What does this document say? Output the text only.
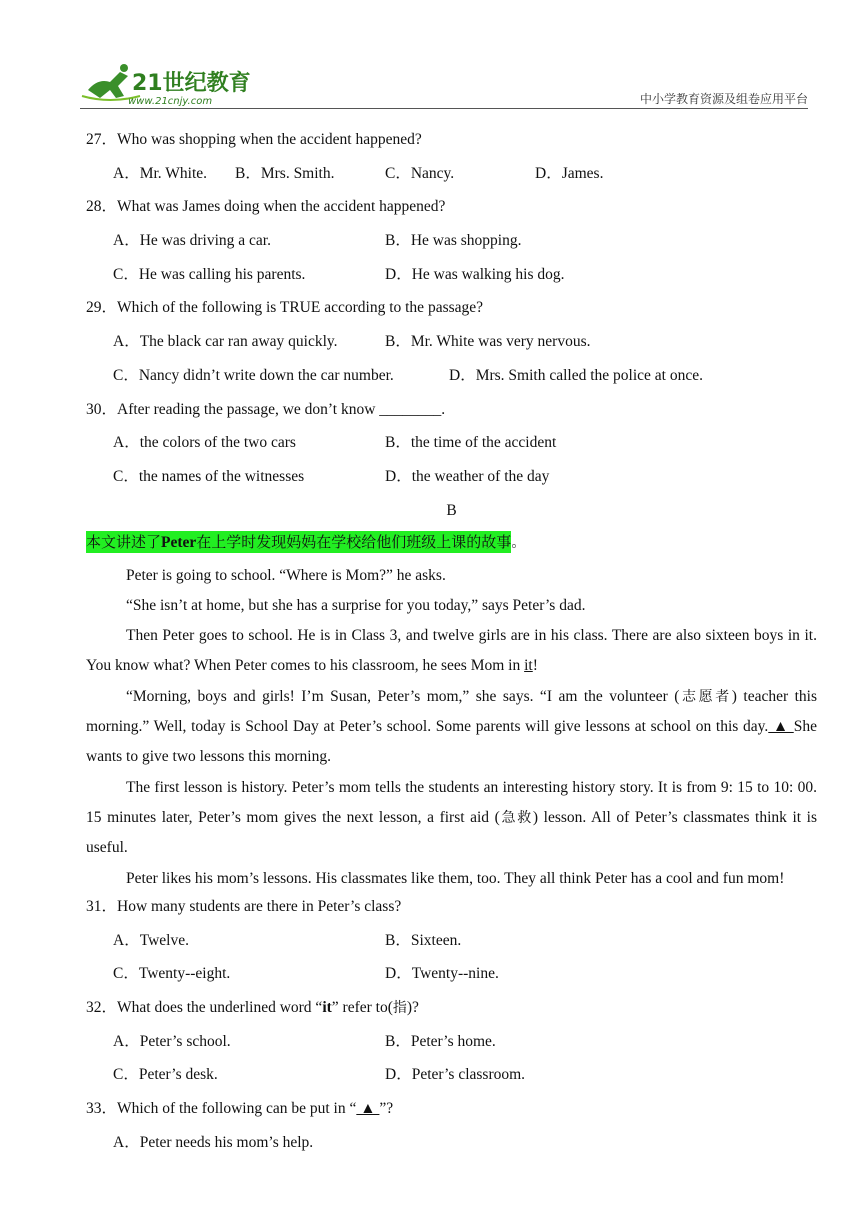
21世纪教育
www.21cnjy.com	中小学教育资源及组卷应用平台
27．Who was shopping when the accident happened?
A．Mr. White. B．Mrs. Smith.	C．Nancy.	D．James.
28．What was James doing when the accident happened?
A．He was driving a car.	B．He was shopping.
C．He was calling his parents.	D．He was walking his dog.
29．Which of the following is TRUE according to the passage?
A．The black car ran away quickly.	B．Mr. White was very nervous.
C．Nancy didn’t write down the car number.	D．Mrs. Smith called the police at once.
30．After reading the passage, we don’t know ________.
A．the colors of the two cars	B．the time of the accident
C．the names of the witnesses	D．the weather of the day
B
本文讲述了Peter在上学时发现妈妈在学校给他们班级上课的故事。
Peter is going to school. “Where is Mom?” he asks.
“She isn’t at home, but she has a surprise for you today,” says Peter’s dad.
Then Peter goes to school. He is in Class 3, and twelve girls are in his class. There are also sixteen boys in it. You know what? When Peter comes to his classroom, he sees Mom in it!
“Morning, boys and girls! I’m Susan, Peter’s mom,” she says. “I am the volunteer (志愿者) teacher this morning.” Well, today is School Day at Peter’s school. Some parents will give lessons at school on this day. ▲ She wants to give two lessons this morning.
The first lesson is history. Peter’s mom tells the students an interesting history story. It is from 9: 15 to 10: 00. 15 minutes later, Peter’s mom gives the next lesson, a first aid (急救) lesson. All of Peter’s classmates think it is useful.
Peter likes his mom’s lessons. His classmates like them, too. They all think Peter has a cool and fun mom!
31．How many students are there in Peter’s class?
A．Twelve.	B．Sixteen.
C．Twenty--eight.	D．Twenty--nine.
32．What does the underlined word “it” refer to(指)?
A．Peter’s school.	B．Peter’s home.
C．Peter’s desk.	D．Peter’s classroom.
33．Which of the following can be put in “ ▲ ”?
A．Peter needs his mom’s help.
